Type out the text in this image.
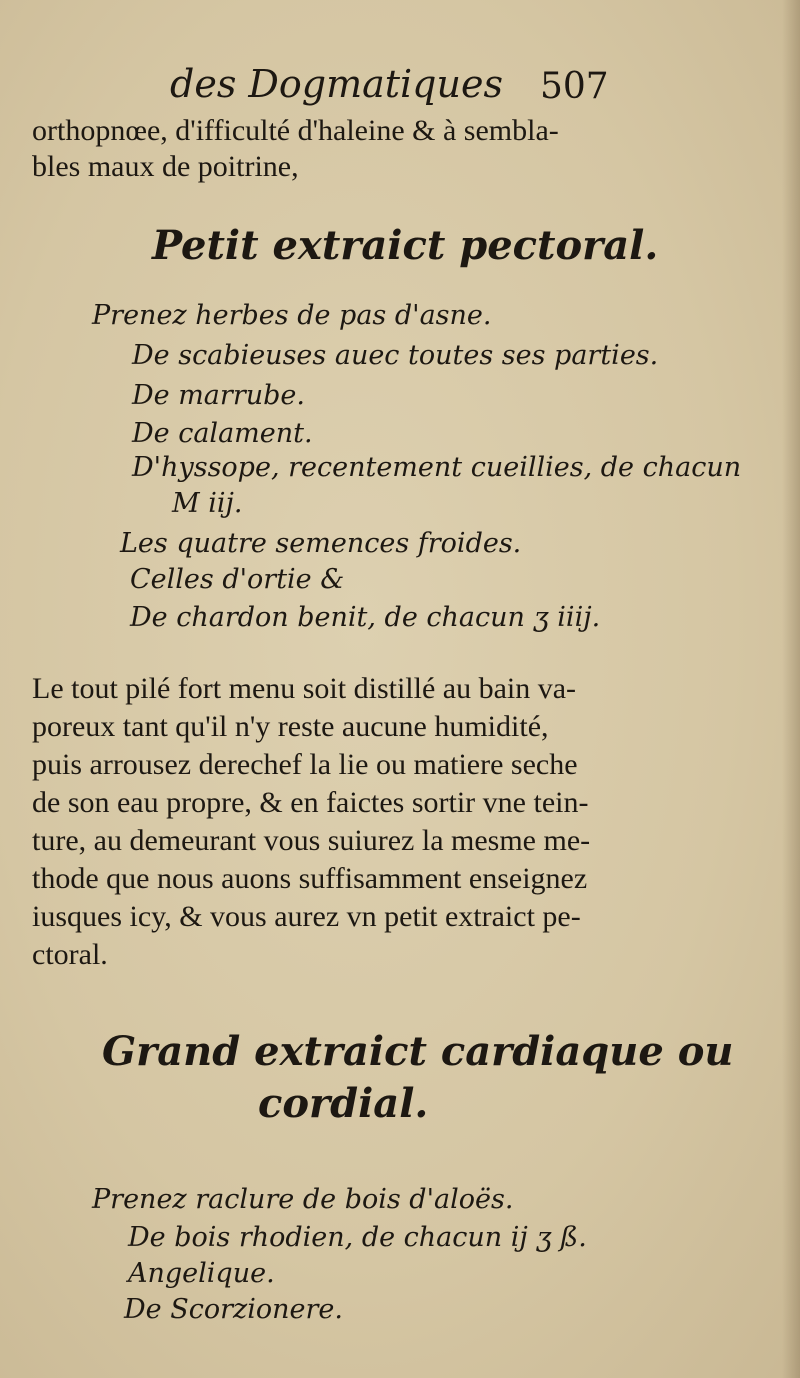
des Dogmatiques 507
orthopnœe, d'ifficulté d'haleine & à sembla-
bles maux de poitrine,
Petit extraict pectoral.
Prenez herbes de pas d'asne.
De scabieuses auec toutes ses parties.
De marrube.
De calament.
D'hyssope, recentement cueillies, de chacun
M iij.
Les quatre semences froides.
Celles d'ortie &
De chardon benit, de chacun ʒ iiij.
Le tout pilé fort menu soit distillé au bain va-
poreux tant qu'il n'y reste aucune humidité,
puis arrousez derechef la lie ou matiere seche
de son eau propre, & en faictes sortir vne tein-
ture, au demeurant vous suiurez la mesme me-
thode que nous auons suffisamment enseignez
iusques icy, & vous aurez vn petit extraict pe-
ctoral.
Grand extraict cardiaque ou
cordial.
Prenez raclure de bois d'aloës.
De bois rhodien, de chacun ij ʒ ß.
Angelique.
De Scorzionere.
